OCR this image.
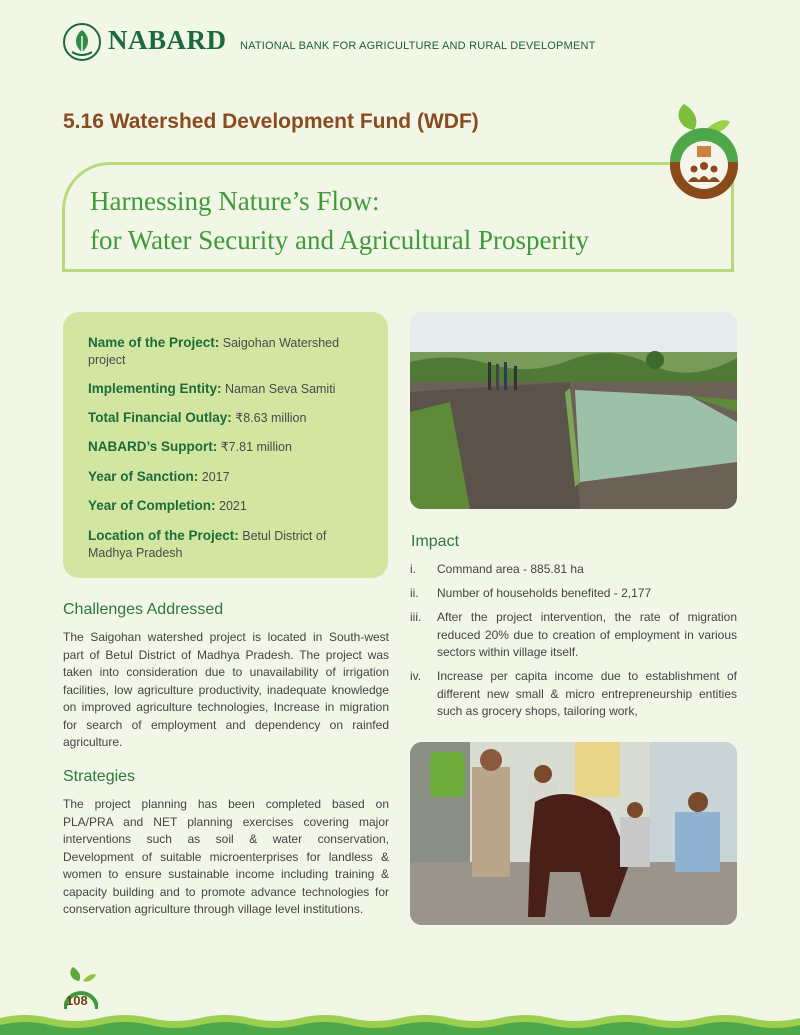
NABARD NATIONAL BANK FOR AGRICULTURE AND RURAL DEVELOPMENT
5.16 Watershed Development Fund (WDF)
Harnessing Nature’s Flow:
for Water Security and Agricultural Prosperity
Name of the Project: Saigohan Watershed project
Implementing Entity: Naman Seva Samiti
Total Financial Outlay: ₹8.63 million
NABARD’s Support: ₹7.81 million
Year of Sanction: 2017
Year of Completion: 2021
Location of the Project: Betul District of Madhya Pradesh
Challenges Addressed
The Saigohan watershed project is located in South-west part of Betul District of Madhya Pradesh. The project was taken into consideration due to unavailability of irrigation facilities, low agriculture productivity, inadequate knowledge on improved agriculture technologies, Increase in migration for search of employment and dependency on rainfed agriculture.
Strategies
The project planning has been completed based on PLA/PRA and NET planning exercises covering major interventions such as soil & water conservation, Development of suitable microenterprises for landless & women to ensure sustainable income including training & capacity building and to promote advance technologies for conservation agriculture through village level institutions.
Impact
i.	Command area - 885.81 ha
ii.	Number of households benefited - 2,177
iii.	After the project intervention, the rate of migration reduced 20% due to creation of employment in various sectors within village itself.
iv.	Increase per capita income due to establishment of different new small & micro entrepreneurship entities such as grocery shops, tailoring work,
108
